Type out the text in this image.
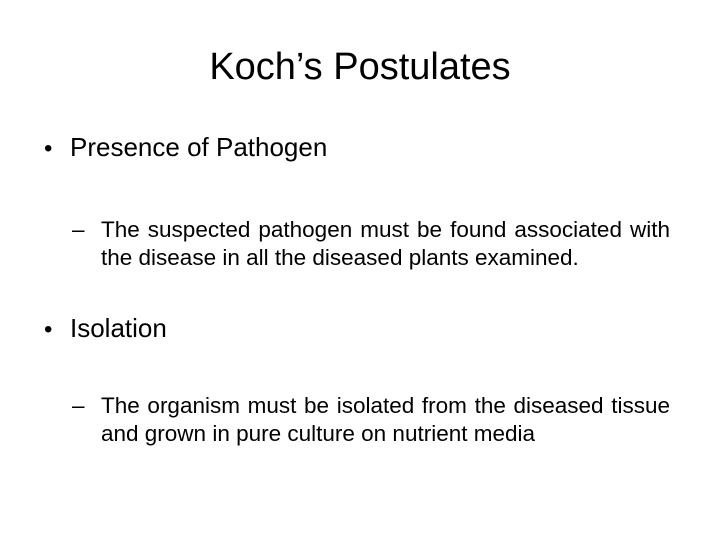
Koch’s Postulates
• Presence of Pathogen
– The suspected pathogen must be found associated with the disease in all the diseased plants examined.
• Isolation
– The organism must be isolated from the diseased tissue and grown in pure culture on nutrient media
